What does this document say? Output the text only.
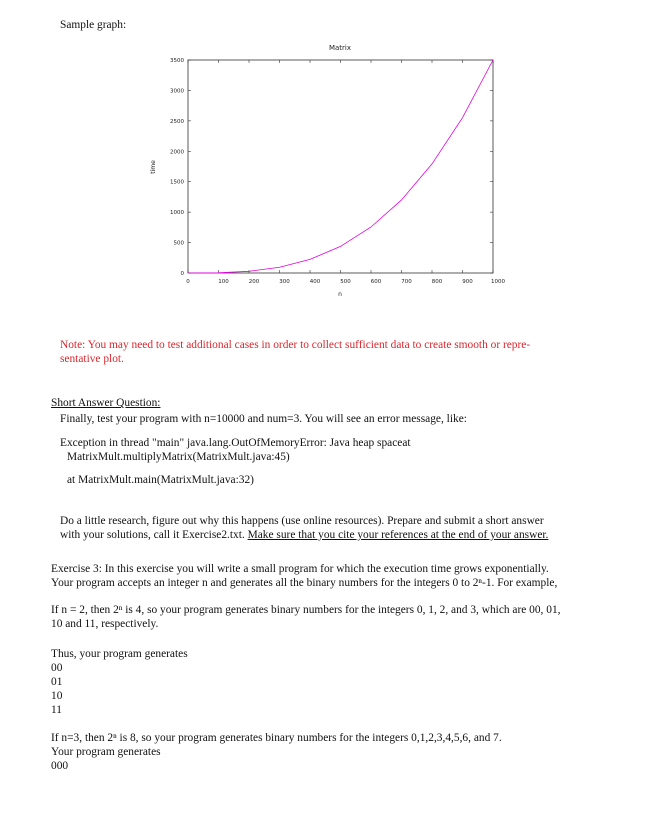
Sample graph:
Matrix
0	100	200	300	400	500	600	700	800	900	1000
0
500
1000
1500
2000
2500
3000
3500
n
time
Note: You may need to test additional cases in order to collect sufficient data to create smooth or repre-
sentative plot.
Short Answer Question:
Finally, test your program with n=10000 and num=3. You will see an error message, like:
Exception in thread "main" java.lang.OutOfMemoryError: Java heap spaceat
MatrixMult.multiplyMatrix(MatrixMult.java:45)
at MatrixMult.main(MatrixMult.java:32)
Do a little research, figure out why this happens (use online resources). Prepare and submit a short answer
with your solutions, call it Exercise2.txt. Make sure that you cite your references at the end of your answer.
Exercise 3: In this exercise you will write a small program for which the execution time grows exponentially.
Your program accepts an integer n and generates all the binary numbers for the integers 0 to 2ⁿ-1. For example,
If n = 2, then 2ⁿ is 4, so your program generates binary numbers for the integers 0, 1, 2, and 3, which are 00, 01,
10 and 11, respectively.
Thus, your program generates
00
01
10
11
If n=3, then 2ⁿ is 8, so your program generates binary numbers for the integers 0,1,2,3,4,5,6, and 7.
Your program generates
000
